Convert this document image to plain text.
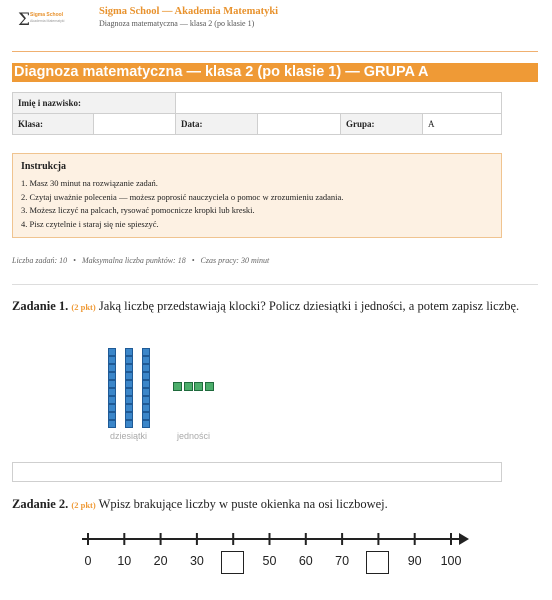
Σ Sigma School
Akademia Matematyki
Sigma School — Akademia Matematyki
Diagnoza matematyczna — klasa 2 (po klasie 1)
Diagnoza matematyczna — klasa 2 (po klasie 1) — GRUPA A
Imię i nazwisko:					
Klasa:		Data:		Grupa:	A
Instrukcja
1. Masz 30 minut na rozwiązanie zadań.
2. Czytaj uważnie polecenia — możesz poprosić nauczyciela o pomoc w zrozumieniu zadania.
3. Możesz liczyć na palcach, rysować pomocnicze kropki lub kreski.
4. Pisz czytelnie i staraj się nie spieszyć.
Liczba zadań: 10 • Maksymalna liczba punktów: 18 • Czas pracy: 30 minut
Zadanie 1. (2 pkt) Jaką liczbę przedstawiają klocki? Policz dziesiątki i jedności, a potem zapisz liczbę.
dziesiątki	jedności
Zadanie 2. (2 pkt) Wpisz brakujące liczby w puste okienka na osi liczbowej.
0 10 20 30	50 60 70	90 100
